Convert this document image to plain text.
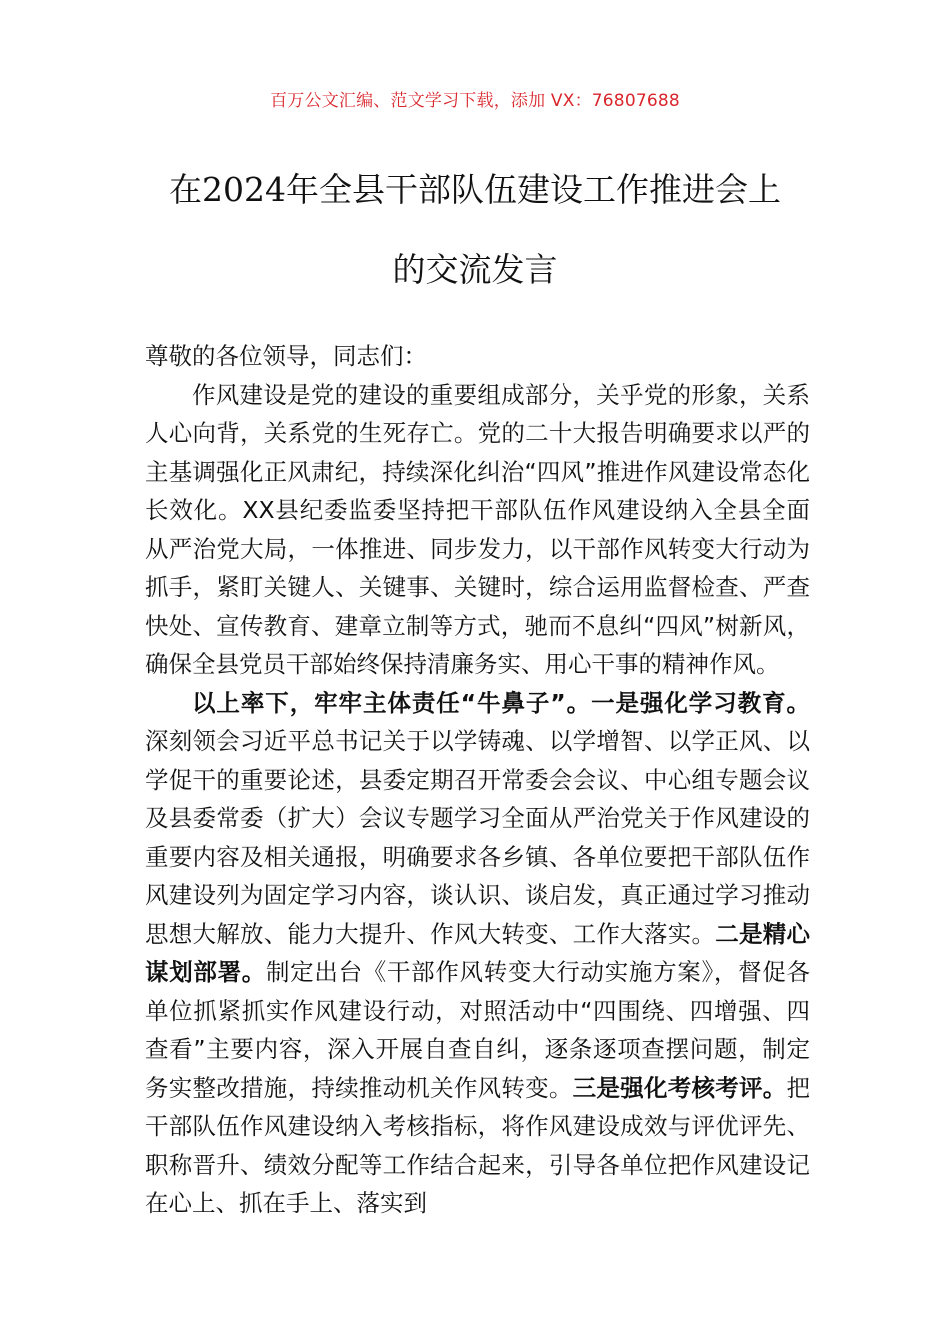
百万公文汇编、范文学习下载，添加 VX：76807688
在2024年全县干部队伍建设工作推进会上
的交流发言

尊敬的各位领导，同志们：

作风建设是党的建设的重要组成部分，关乎党的形象，关系人心向背，关系党的生死存亡。党的二十大报告明确要求以严的主基调强化正风肃纪，持续深化纠治“四风”推进作风建设常态化长效化。XX县纪委监委坚持把干部队伍作风建设纳入全县全面从严治党大局，一体推进、同步发力，以干部作风转变大行动为抓手，紧盯关键人、关键事、关键时，综合运用监督检查、严查快处、宣传教育、建章立制等方式，驰而不息纠“四风”树新风，确保全县党员干部始终保持清廉务实、用心干事的精神作风。

以上率下，牢牢主体责任“牛鼻子”。一是强化学习教育。深刻领会习近平总书记关于以学铸魂、以学增智、以学正风、以学促干的重要论述，县委定期召开常委会会议、中心组专题会议及县委常委（扩大）会议专题学习全面从严治党关于作风建设的重要内容及相关通报，明确要求各乡镇、各单位要把干部队伍作风建设列为固定学习内容，谈认识、谈启发，真正通过学习推动思想大解放、能力大提升、作风大转变、工作大落实。二是精心谋划部署。制定出台《干部作风转变大行动实施方案》，督促各单位抓紧抓实作风建设行动，对照活动中“四围绕、四增强、四查看”主要内容，深入开展自查自纠，逐条逐项查摆问题，制定务实整改措施，持续推动机关作风转变。三是强化考核考评。把干部队伍作风建设纳入考核指标，将作风建设成效与评优评先、职称晋升、绩效分配等工作结合起来，引导各单位把作风建设记在心上、抓在手上、落实到
